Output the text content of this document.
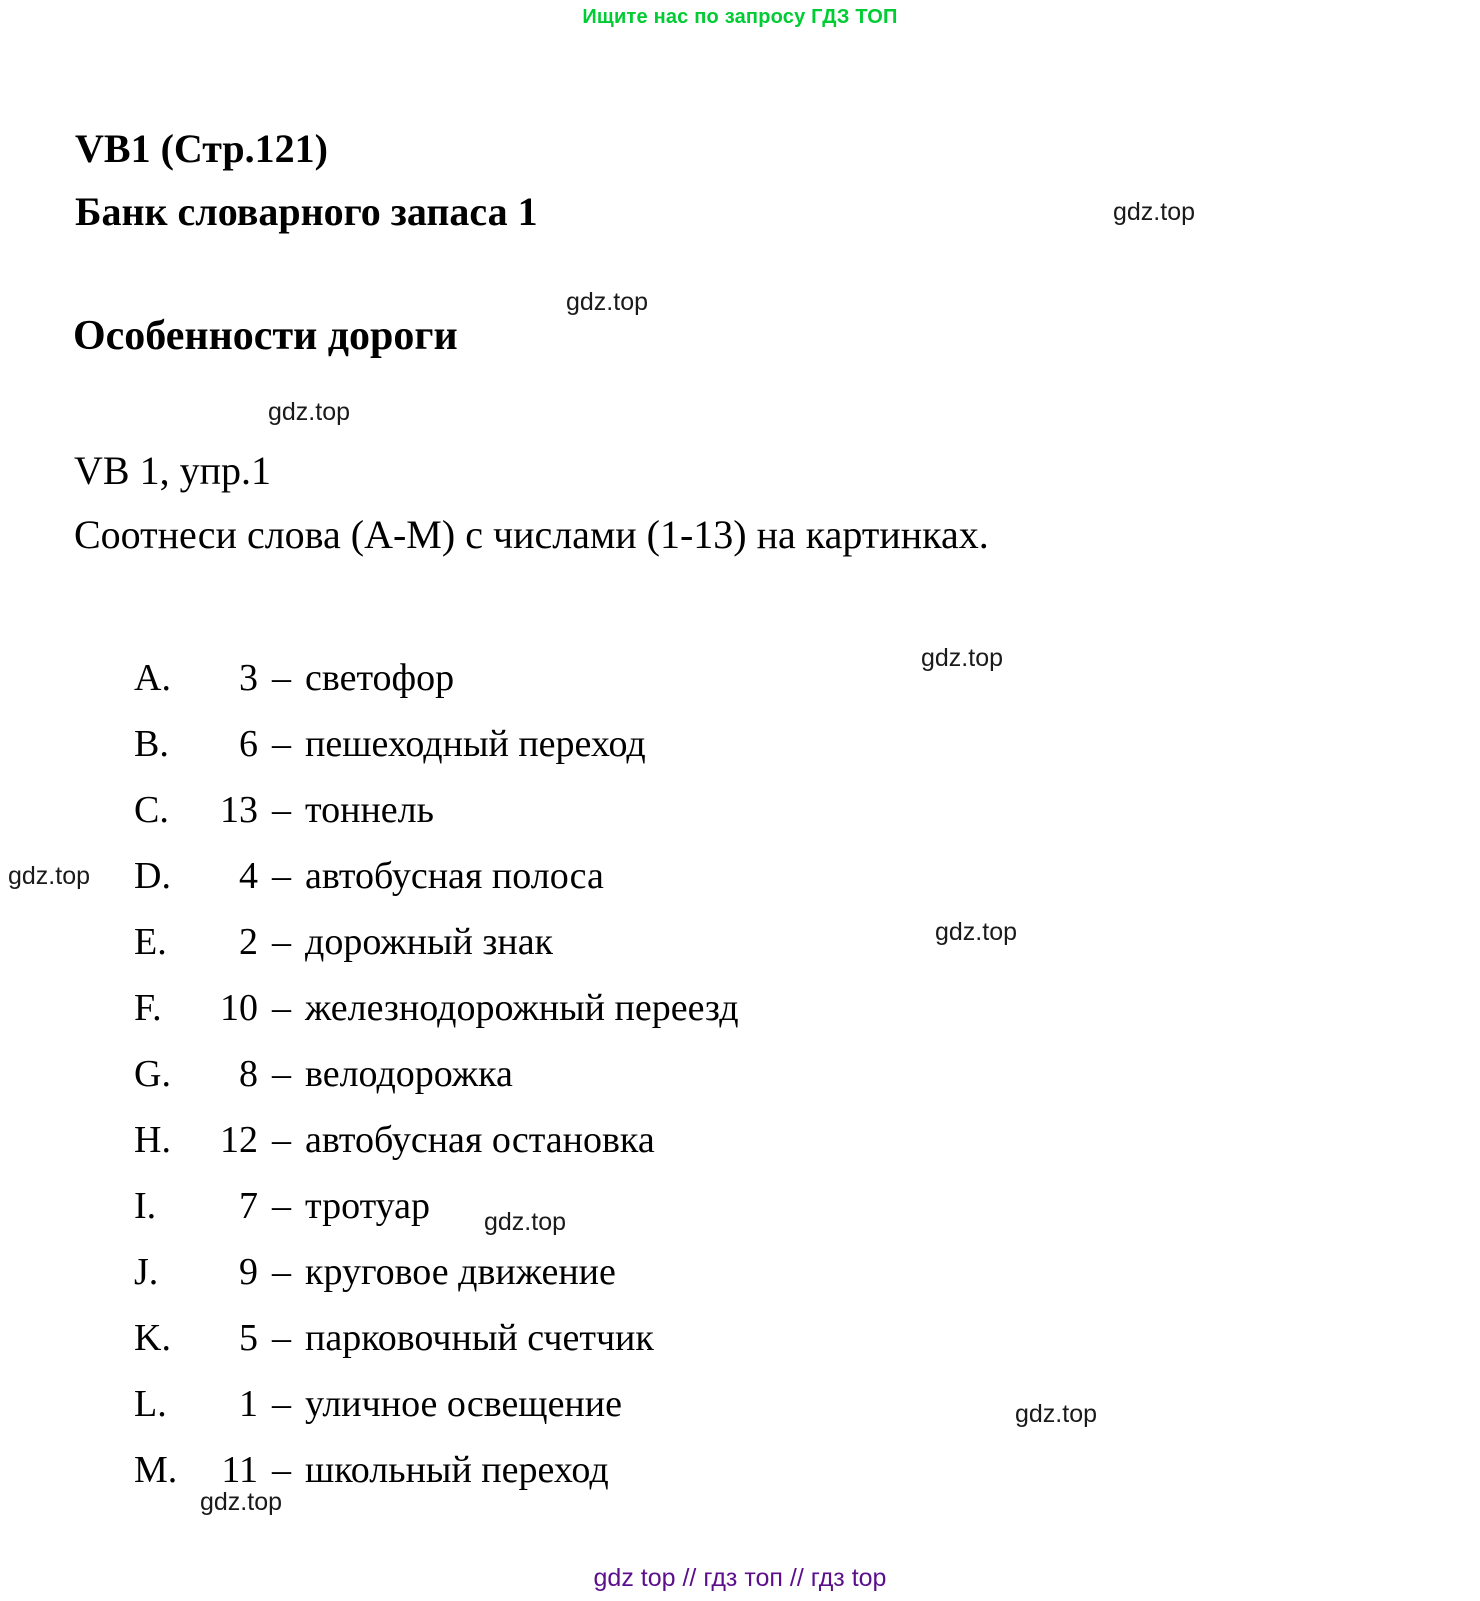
Ищите нас по запросу ГДЗ ТОП
VB1 (Стр.121)
Банк словарного запаса 1
Особенности дороги
VB 1, упр.1
Соотнеси слова (A-M) с числами (1-13) на картинках.
A.	3 – светофор
B.	6 – пешеходный переход
C.	13 – тоннель
D.	4 – автобусная полоса
E.	2 – дорожный знак
F.	10 – железнодорожный переезд
G.	8 – велодорожка
H.	12 – автобусная остановка
I.	7 – тротуар
J.	9 – круговое движение
K.	5 – парковочный счетчик
L.	1 – уличное освещение
M.	11 – школьный переход
gdz.top
gdz.top
gdz.top
gdz.top
gdz.top
gdz.top
gdz.top
gdz.top
gdz.top
gdz top // гдз топ // гдз top
